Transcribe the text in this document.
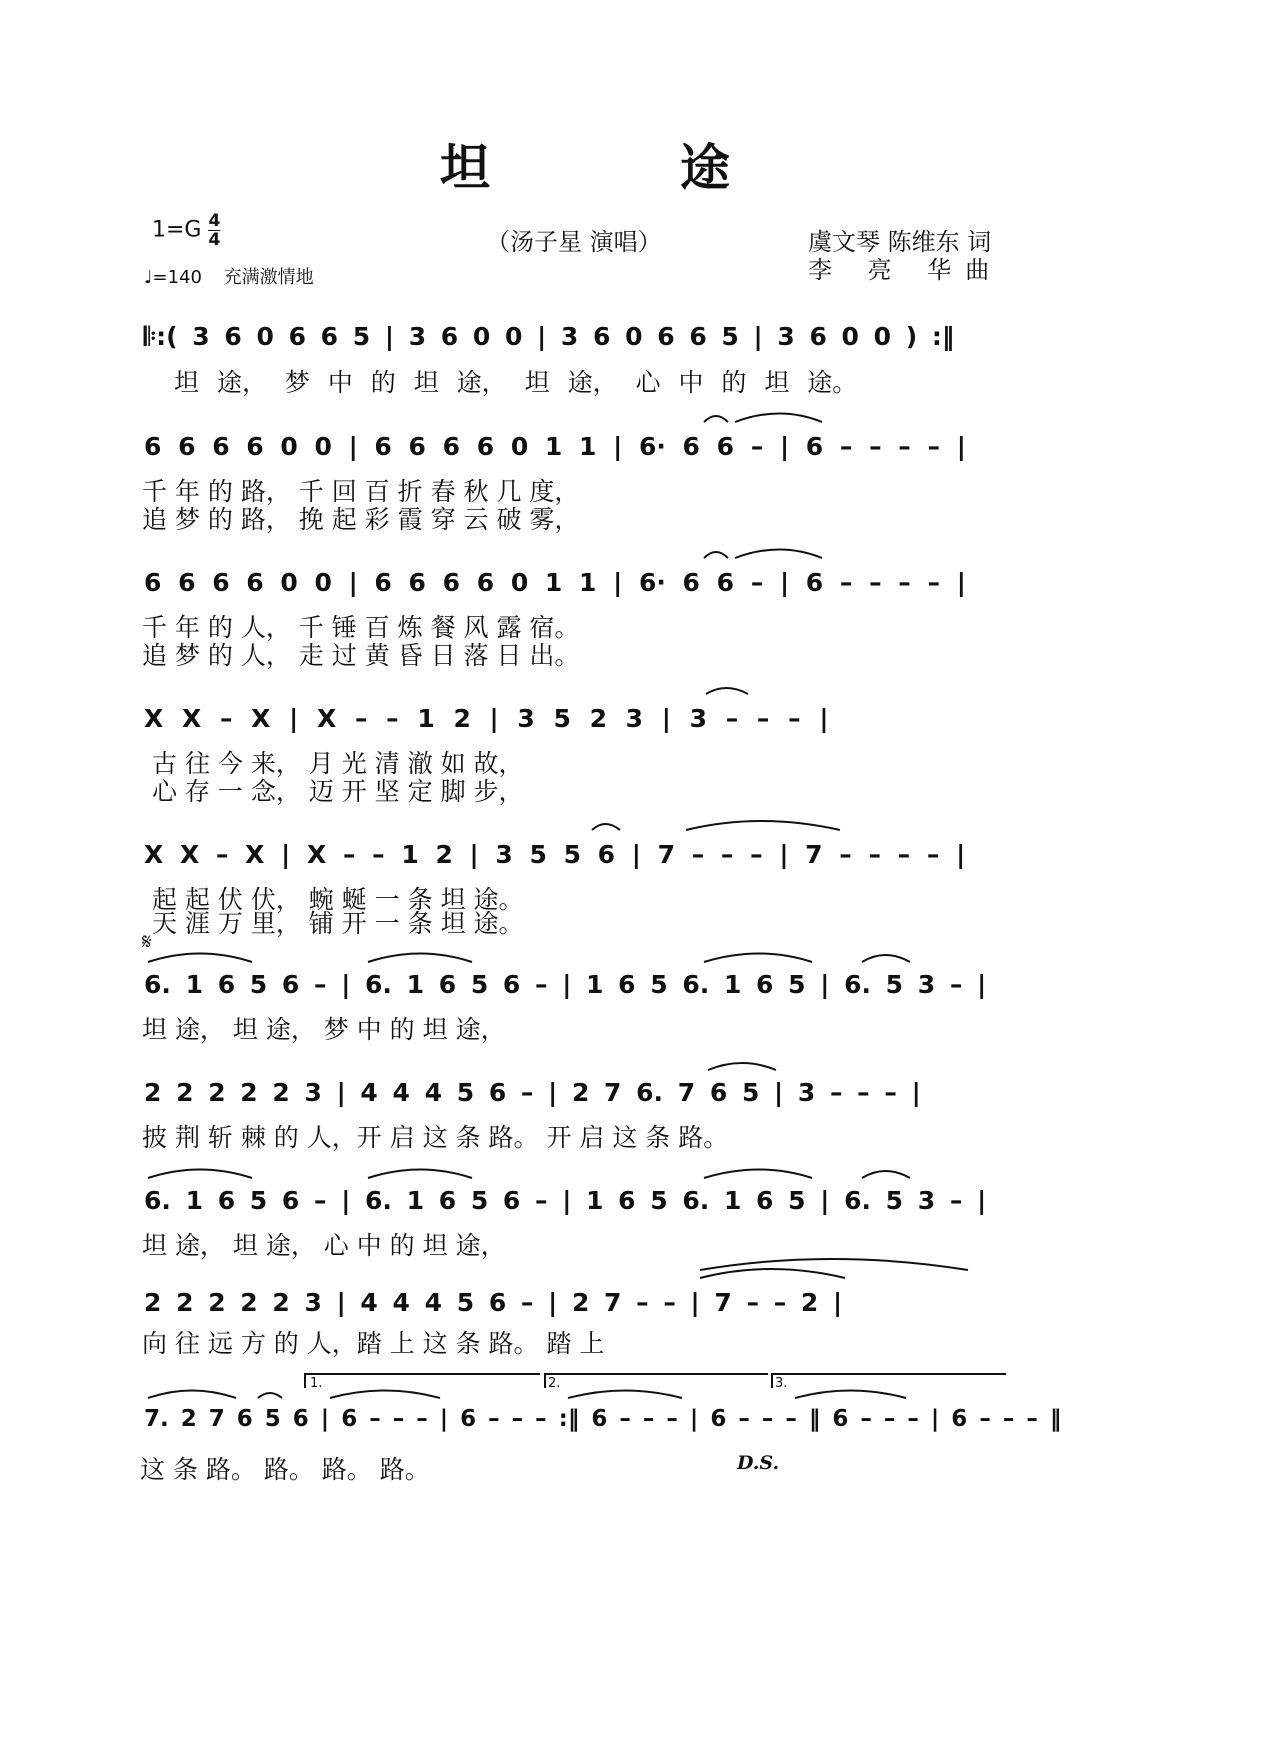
坦	途
$1=G \frac{4}{4}$
♩=140 充满激情地
（汤子星 演唱）	虞文琴 陈维东 词
李 亮 华曲
𝄆:( 3 6 0 6 6 5 | 3 6 0 0 | 3 6 0 6 6 5 | 3 6 0 0 ) :‖
坦 途， 梦 中 的 坦 途， 坦 途， 心 中 的 坦 途。
6 6 6 6 0 0 | 6 6 6 6 0 1 1 | 6· 6 6 – | 6 – – – – |
千 年 的 路， 千 回 百 折 春 秋 几 度，
追 梦 的 路， 挽 起 彩 霞 穿 云 破 雾，
6 6 6 6 0 0 | 6 6 6 6 0 1 1 | 6· 6 6 – | 6 – – – – |
千 年 的 人， 千 锤 百 炼 餐 风 露 宿。
追 梦 的 人， 走 过 黄 昏 日 落 日 出。
X X – X | X – – 1 2 | 3 5 2 3 | 3 – – – |
古 往 今 来， 月 光 清 澈 如 故，
心 存 一 念， 迈 开 坚 定 脚 步，
X X – X | X – – 1 2 | 3 5 5 6 | 7 – – – | 7 – – – – |
起 起 伏 伏， 蜿 蜒 一 条 坦 途。
天 涯 万 里， 铺 开 一 条 坦 途。
𝄋
6. 1 6 5 6 – | 6. 1 6 5 6 – | 1 6 5 6. 1 6 5 | 6. 5 3 – |
坦 途， 坦 途， 梦 中 的 坦 途，
2 2 2 2 2 3 | 4 4 4 5 6 – | 2 7 6. 7 6 5 | 3 – – – |
披 荆 斩 棘 的 人，开 启 这 条 路。 开 启 这 条 路。
6. 1 6 5 6 – | 6. 1 6 5 6 – | 1 6 5 6. 1 6 5 | 6. 5 3 – |
坦 途， 坦 途， 心 中 的 坦 途，
2 2 2 2 2 3 | 4 4 4 5 6 – | 2 7 – – | 7 – – 2 |
向 往 远 方 的 人，踏 上 这 条 路。 踏 上
1.	2.	3.
7. 2 7 6 5 6 | 6 – – – | 6 – – – :‖ 6 – – – | 6 – – – ‖ 6 – – – | 6 – – – ‖
这 条 路。 路。 路。 路。	D.S.
